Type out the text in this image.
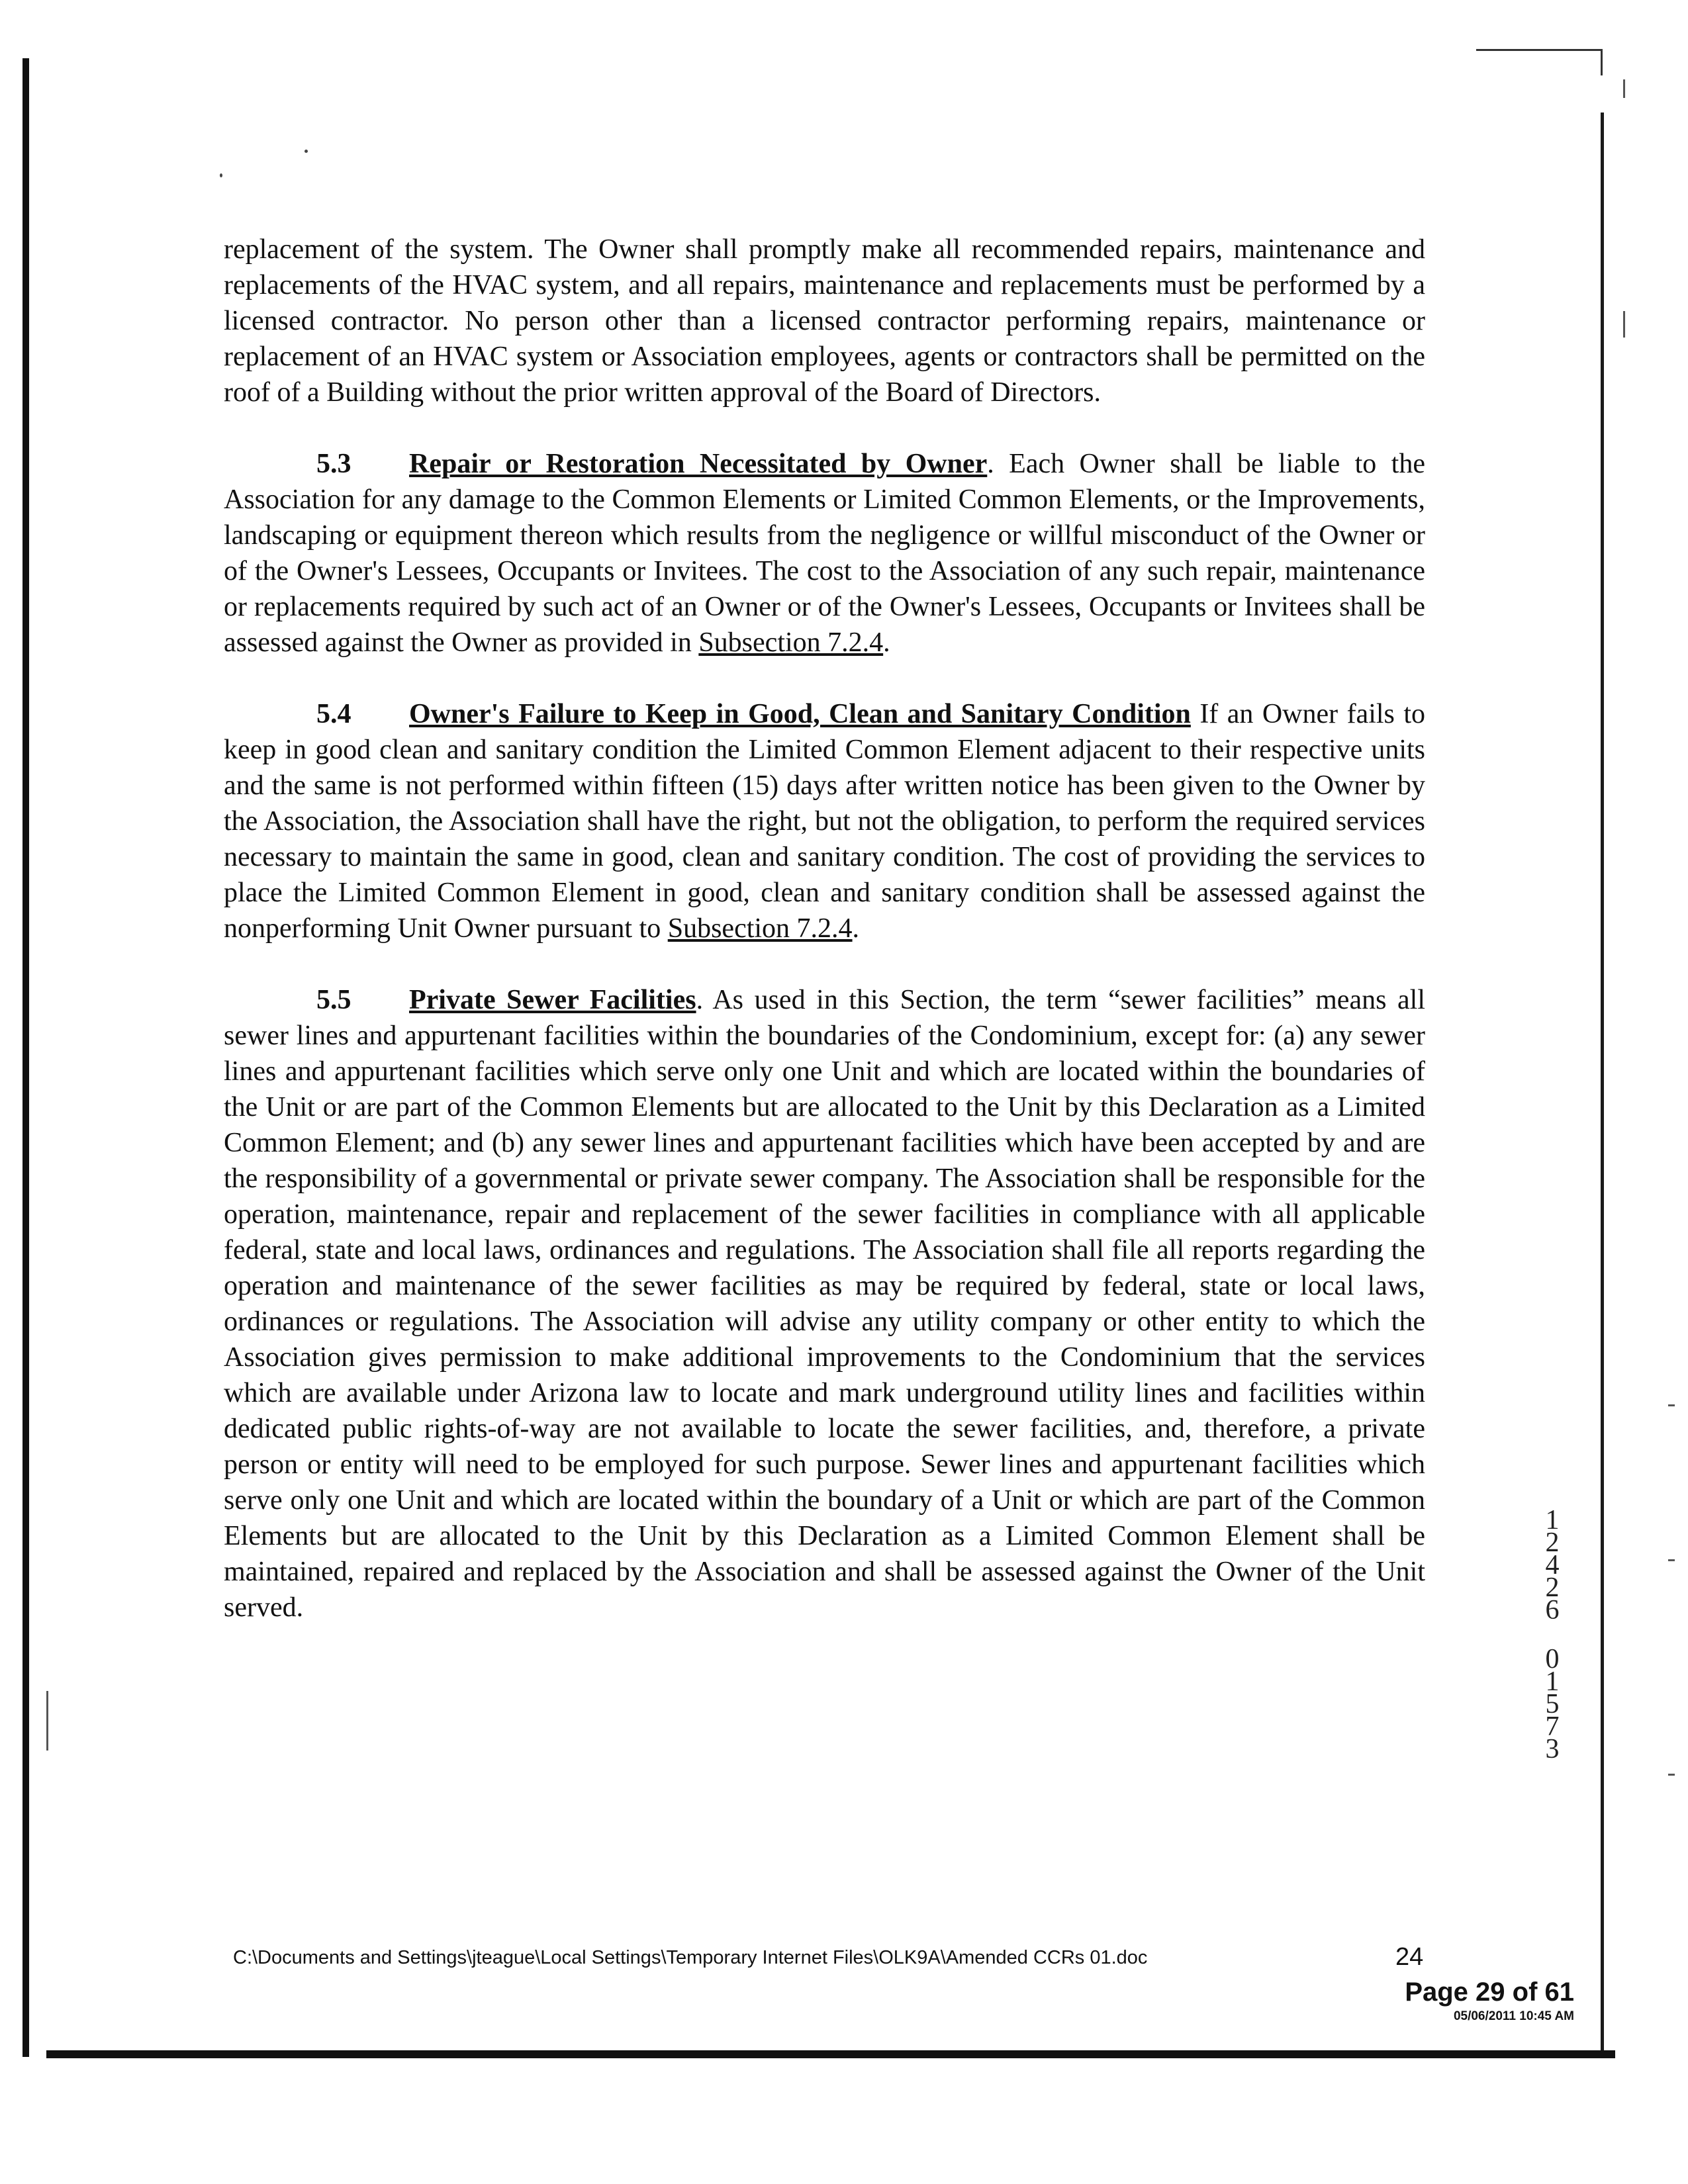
replacement of the system. The Owner shall promptly make all recommended repairs, maintenance and replacements of the HVAC system, and all repairs, maintenance and replacements must be performed by a licensed contractor. No person other than a licensed contractor performing repairs, maintenance or replacement of an HVAC system or Association employees, agents or contractors shall be permitted on the roof of a Building without the prior written approval of the Board of Directors.

5.3 Repair or Restoration Necessitated by Owner. Each Owner shall be liable to the Association for any damage to the Common Elements or Limited Common Elements, or the Improvements, landscaping or equipment thereon which results from the negligence or willful misconduct of the Owner or of the Owner's Lessees, Occupants or Invitees. The cost to the Association of any such repair, maintenance or replacements required by such act of an Owner or of the Owner's Lessees, Occupants or Invitees shall be assessed against the Owner as provided in Subsection 7.2.4.

5.4 Owner's Failure to Keep in Good, Clean and Sanitary Condition If an Owner fails to keep in good clean and sanitary condition the Limited Common Element adjacent to their respective units and the same is not performed within fifteen (15) days after written notice has been given to the Owner by the Association, the Association shall have the right, but not the obligation, to perform the required services necessary to maintain the same in good, clean and sanitary condition. The cost of providing the services to place the Limited Common Element in good, clean and sanitary condition shall be assessed against the nonperforming Unit Owner pursuant to Subsection 7.2.4.

5.5 Private Sewer Facilities. As used in this Section, the term “sewer facilities” means all sewer lines and appurtenant facilities within the boundaries of the Condominium, except for: (a) any sewer lines and appurtenant facilities which serve only one Unit and which are located within the boundaries of the Unit or are part of the Common Elements but are allocated to the Unit by this Declaration as a Limited Common Element; and (b) any sewer lines and appurtenant facilities which have been accepted by and are the responsibility of a governmental or private sewer company. The Association shall be responsible for the operation, maintenance, repair and replacement of the sewer facilities in compliance with all applicable federal, state and local laws, ordinances and regulations. The Association shall file all reports regarding the operation and maintenance of the sewer facilities as may be required by federal, state or local laws, ordinances or regulations. The Association will advise any utility company or other entity to which the Association gives permission to make additional improvements to the Condominium that the services which are available under Arizona law to locate and mark underground utility lines and facilities within dedicated public rights-of-way are not available to locate the sewer facilities, and, therefore, a private person or entity will need to be employed for such purpose. Sewer lines and appurtenant facilities which serve only one Unit and which are located within the boundary of a Unit or which are part of the Common Elements but are allocated to the Unit by this Declaration as a Limited Common Element shall be maintained, repaired and replaced by the Association and shall be assessed against the Owner of the Unit served.

1
2
4
2
6
0
1
5
7
3
C:\Documents and Settings\jteague\Local Settings\Temporary Internet Files\OLK9A\Amended CCRs 01.doc	24
Page 29 of 61
05/06/2011 10:45 AM
